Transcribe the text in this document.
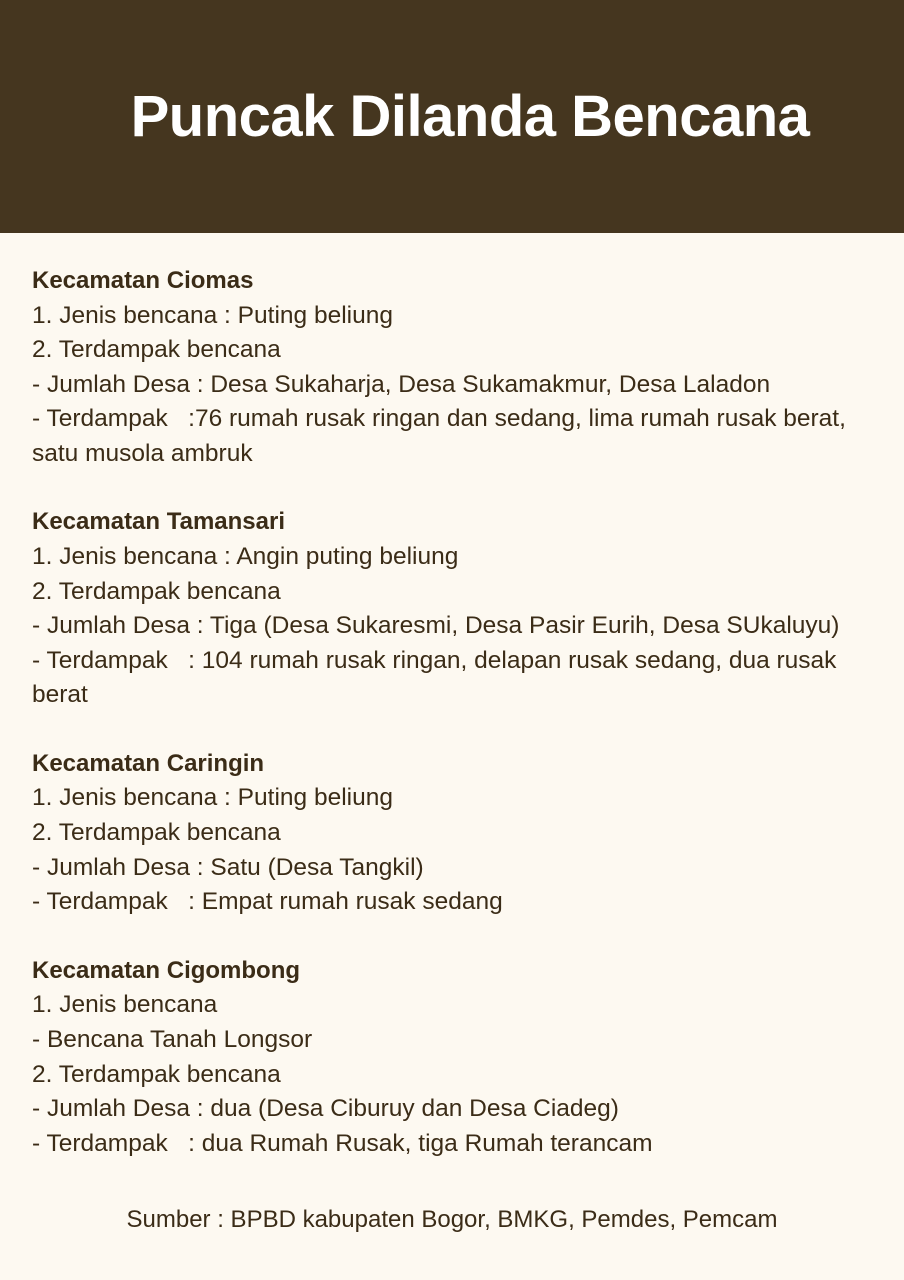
Puncak Dilanda Bencana

Kecamatan Ciomas

1. Jenis bencana : Puting beliung

2. Terdampak bencana

- Jumlah Desa : Desa Sukaharja, Desa Sukamakmur, Desa Laladon

- Terdampak   :76 rumah rusak ringan dan sedang, lima rumah rusak berat, satu musola ambruk

Kecamatan Tamansari

1. Jenis bencana : Angin puting beliung

2. Terdampak bencana

- Jumlah Desa : Tiga (Desa Sukaresmi, Desa Pasir Eurih, Desa SUkaluyu)

- Terdampak   : 104 rumah rusak ringan, delapan rusak sedang, dua rusak berat

Kecamatan Caringin

1. Jenis bencana : Puting beliung

2. Terdampak bencana

- Jumlah Desa : Satu (Desa Tangkil)

- Terdampak   : Empat rumah rusak sedang

Kecamatan Cigombong

1. Jenis bencana

- Bencana Tanah Longsor

2. Terdampak bencana

- Jumlah Desa : dua (Desa Ciburuy dan Desa Ciadeg)

- Terdampak   : dua Rumah Rusak, tiga Rumah terancam

Sumber : BPBD kabupaten Bogor, BMKG, Pemdes, Pemcam
